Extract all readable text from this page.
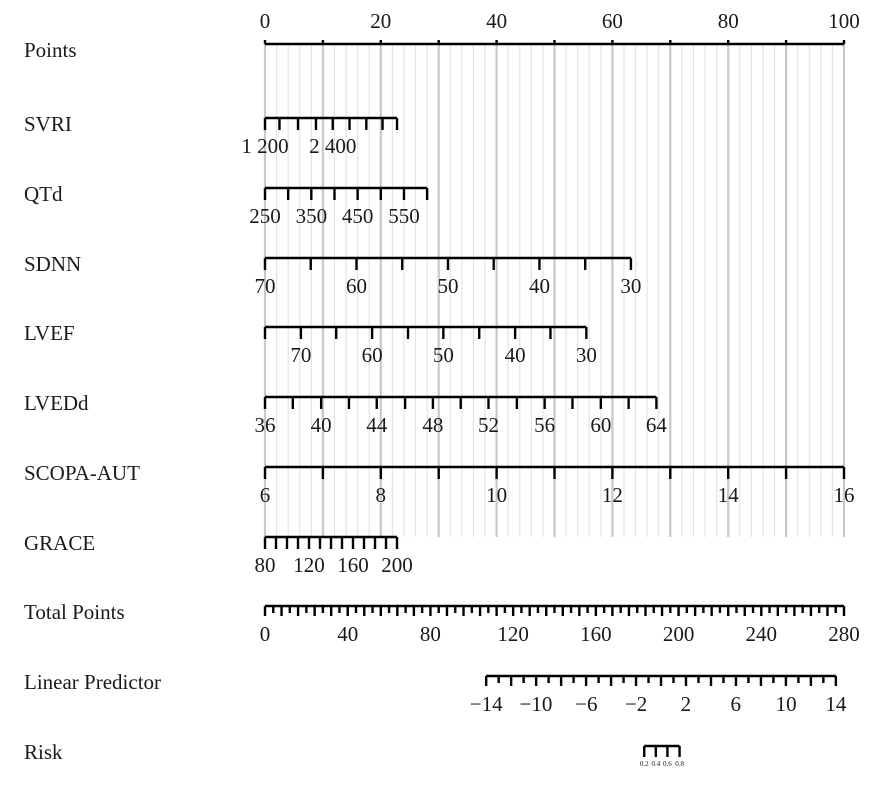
Points
0	20	40	60	80	100
SVRI
1 200 2 400
QTd
250 350 450 550
SDNN
70	60	50	40	30
LVEF
70 60 50 40 30
LVEDd
36 40 44 48 52 56 60 64
SCOPA-AUT
6	8	10	12	14	16
GRACE
80 120 160 200
Total Points
0	40	80	120 160 200 240 280
Linear Predictor
−14 −10 −6 −2 2 6 10 14
Risk	0.2 0.4 0.6 0.8
